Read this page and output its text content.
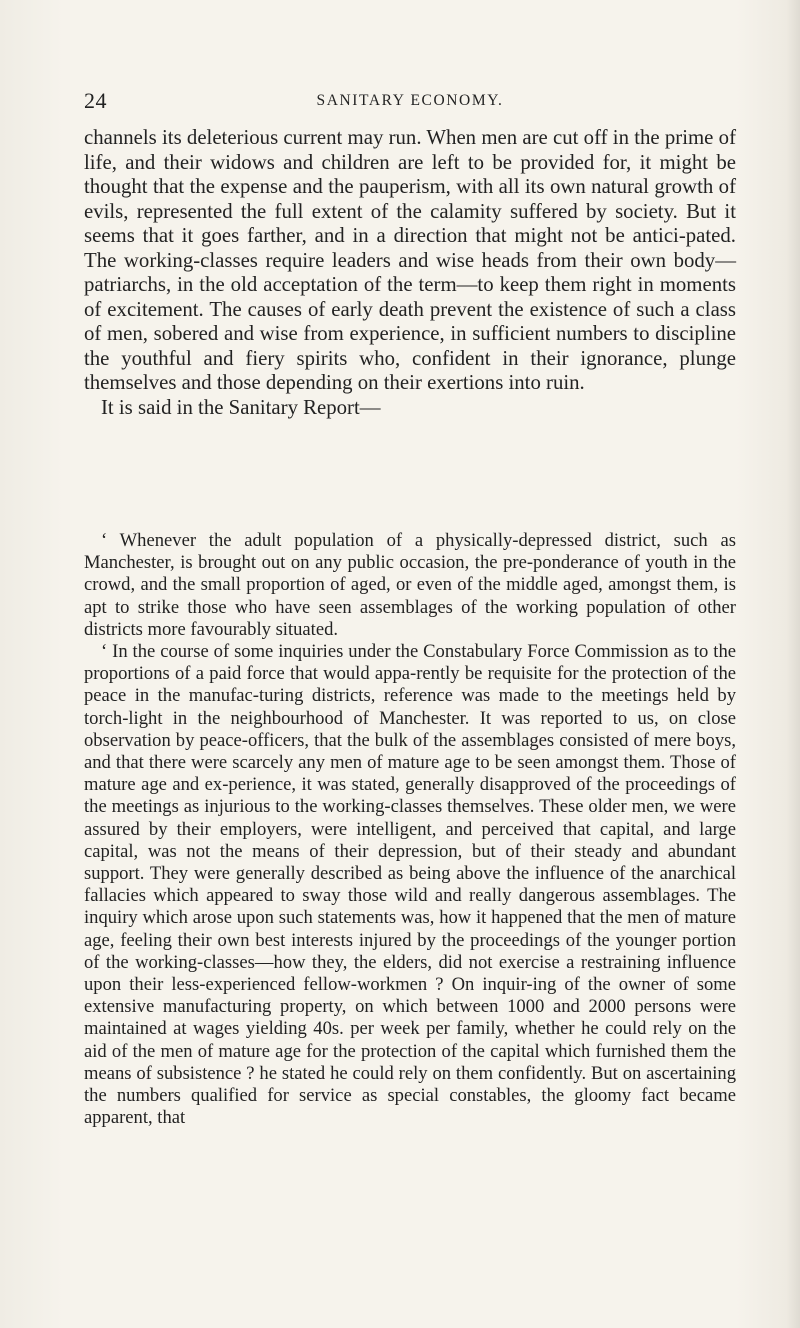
24	SANITARY ECONOMY.

channels its deleterious current may run. When men are cut off in the prime of life, and their widows and children are left to be provided for, it might be thought that the expense and the pauperism, with all its own natural growth of evils, represented the full extent of the calamity suffered by society. But it seems that it goes farther, and in a direction that might not be antici-pated. The working-classes require leaders and wise heads from their own body—patriarchs, in the old acceptation of the term—to keep them right in moments of excitement. The causes of early death prevent the existence of such a class of men, sobered and wise from experience, in sufficient numbers to discipline the youthful and fiery spirits who, confident in their ignorance, plunge themselves and those depending on their exertions into ruin.

It is said in the Sanitary Report—

‘ Whenever the adult population of a physically-depressed district, such as Manchester, is brought out on any public occasion, the pre-ponderance of youth in the crowd, and the small proportion of aged, or even of the middle aged, amongst them, is apt to strike those who have seen assemblages of the working population of other districts more favourably situated.

‘ In the course of some inquiries under the Constabulary Force Commission as to the proportions of a paid force that would appa-rently be requisite for the protection of the peace in the manufac-turing districts, reference was made to the meetings held by torch-light in the neighbourhood of Manchester. It was reported to us, on close observation by peace-officers, that the bulk of the assemblages consisted of mere boys, and that there were scarcely any men of mature age to be seen amongst them. Those of mature age and ex-perience, it was stated, generally disapproved of the proceedings of the meetings as injurious to the working-classes themselves. These older men, we were assured by their employers, were intelligent, and perceived that capital, and large capital, was not the means of their depression, but of their steady and abundant support. They were generally described as being above the influence of the anarchical fallacies which appeared to sway those wild and really dangerous assemblages. The inquiry which arose upon such statements was, how it happened that the men of mature age, feeling their own best interests injured by the proceedings of the younger portion of the working-classes—how they, the elders, did not exercise a restraining influence upon their less-experienced fellow-workmen ? On inquir-ing of the owner of some extensive manufacturing property, on which between 1000 and 2000 persons were maintained at wages yielding 40s. per week per family, whether he could rely on the aid of the men of mature age for the protection of the capital which furnished them the means of subsistence ? he stated he could rely on them confidently. But on ascertaining the numbers qualified for service as special constables, the gloomy fact became apparent, that
